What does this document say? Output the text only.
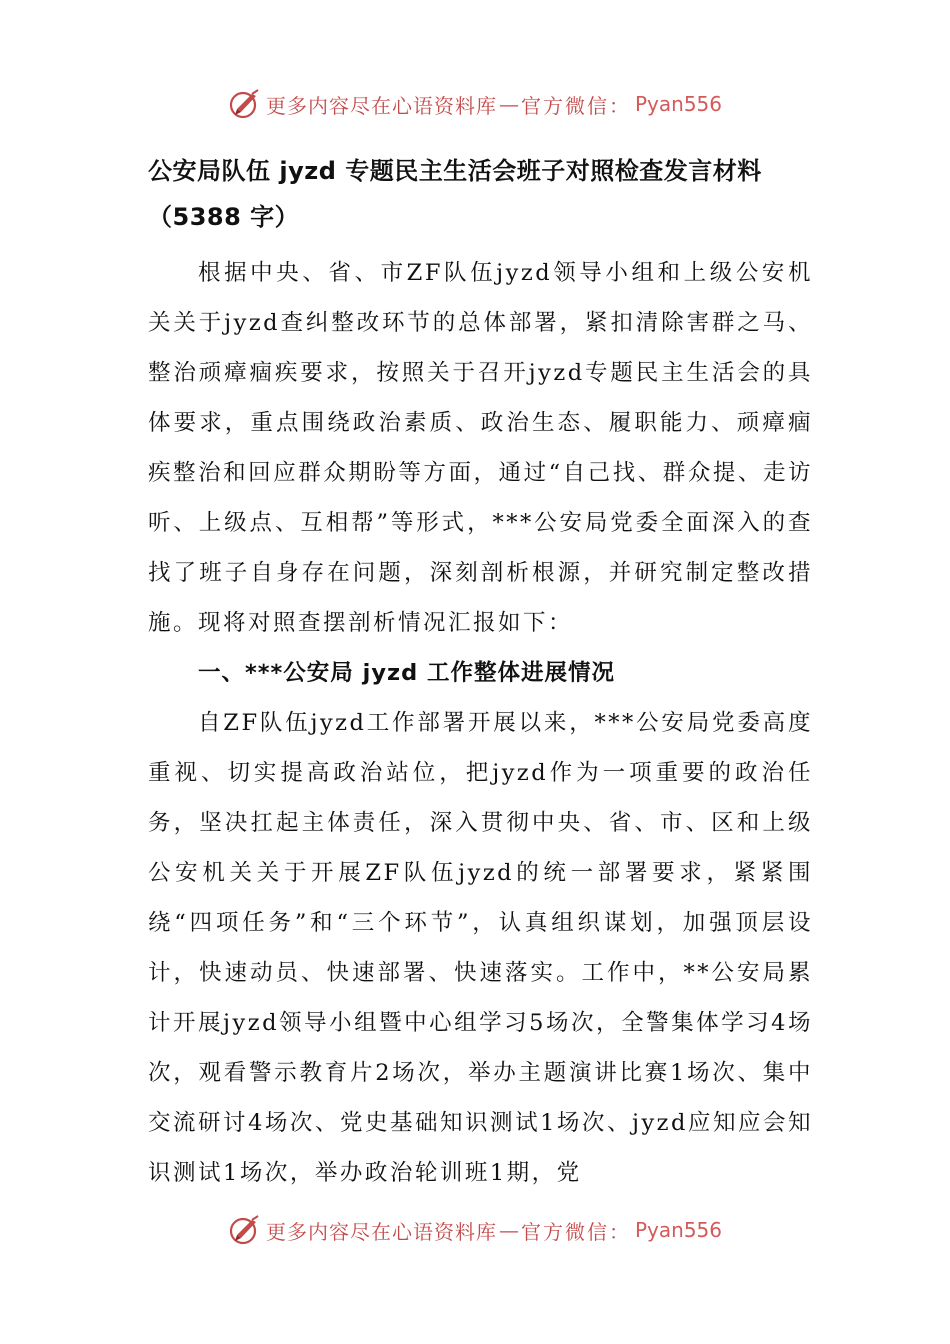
更多内容尽在心语资料库 — 官方微信： Pyan556
公安局队伍 jyzd 专题民主生活会班子对照检查发言材料（5388 字）

根据中央、省、市ZF队伍jyzd领导小组和上级公安机关关于jyzd查纠整改环节的总体部署，紧扣清除害群之马、整治顽瘴痼疾要求，按照关于召开jyzd专题民主生活会的具体要求，重点围绕政治素质、政治生态、履职能力、顽瘴痼疾整治和回应群众期盼等方面，通过“自己找、群众提、走访听、上级点、互相帮”等形式，***公安局党委全面深入的查找了班子自身存在问题，深刻剖析根源，并研究制定整改措施。现将对照查摆剖析情况汇报如下：

一、***公安局 jyzd 工作整体进展情况

自ZF队伍jyzd工作部署开展以来，***公安局党委高度重视、切实提高政治站位，把jyzd作为一项重要的政治任务，坚决扛起主体责任，深入贯彻中央、省、市、区和上级公安机关关于开展ZF队伍jyzd的统一部署要求，紧紧围绕“四项任务”和“三个环节”，认真组织谋划，加强顶层设计，快速动员、快速部署、快速落实。工作中，**公安局累计开展jyzd领导小组暨中心组学习5场次，全警集体学习4场次，观看警示教育片2场次，举办主题演讲比赛1场次、集中交流研讨4场次、党史基础知识测试1场次、jyzd应知应会知识测试1场次，举办政治轮训班1期，党

更多内容尽在心语资料库 — 官方微信： Pyan556
